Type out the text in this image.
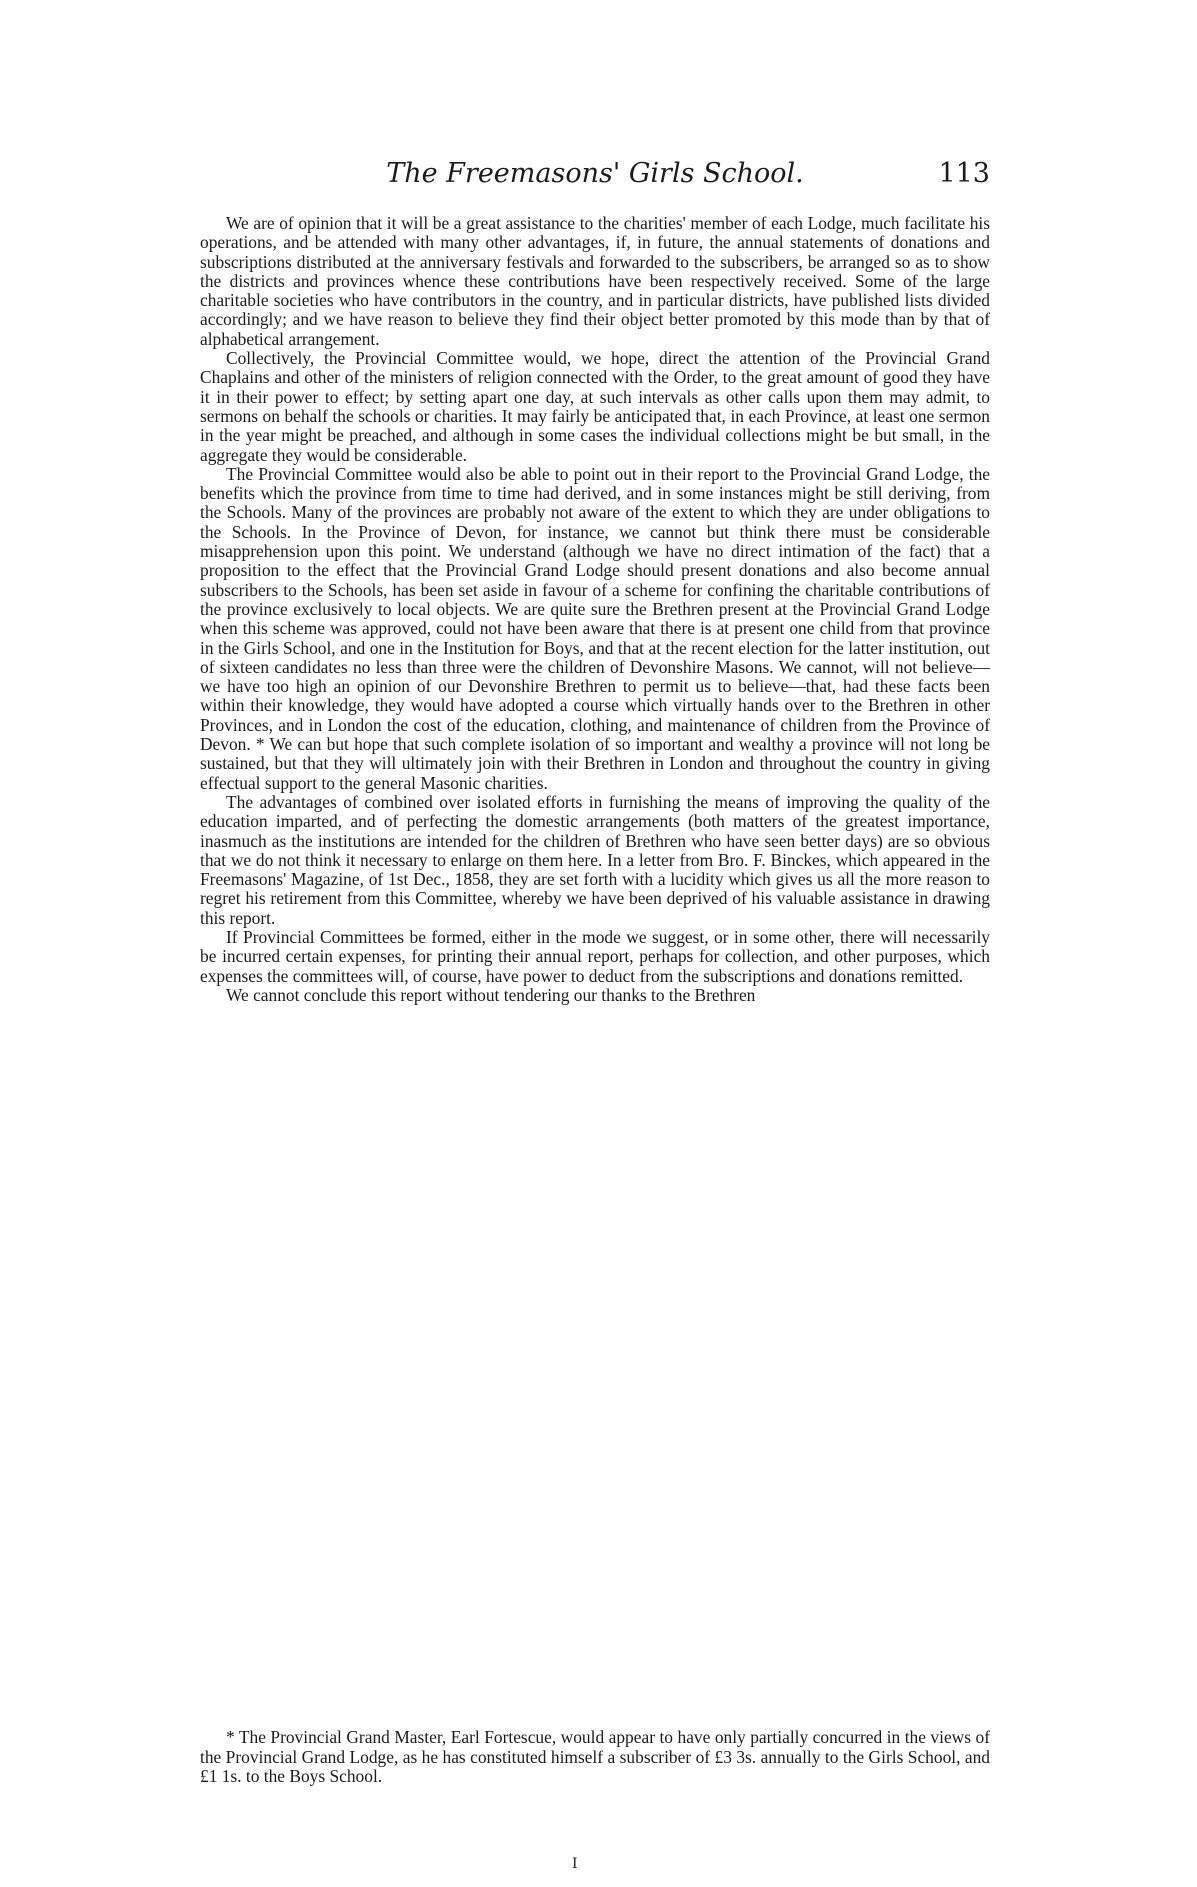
The Freemasons' Girls School.	113

We are of opinion that it will be a great assistance to the charities' member of each Lodge, much facilitate his operations, and be attended with many other advantages, if, in future, the annual statements of donations and subscriptions distributed at the anniversary festivals and forwarded to the subscribers, be arranged so as to show the districts and provinces whence these contributions have been respectively received. Some of the large charitable societies who have contributors in the country, and in particular districts, have published lists divided accordingly; and we have reason to believe they find their object better promoted by this mode than by that of alphabetical arrangement.

Collectively, the Provincial Committee would, we hope, direct the attention of the Provincial Grand Chaplains and other of the ministers of religion connected with the Order, to the great amount of good they have it in their power to effect; by setting apart one day, at such intervals as other calls upon them may admit, to sermons on behalf the schools or charities. It may fairly be anticipated that, in each Province, at least one sermon in the year might be preached, and although in some cases the individual collections might be but small, in the aggregate they would be considerable.

The Provincial Committee would also be able to point out in their report to the Provincial Grand Lodge, the benefits which the province from time to time had derived, and in some instances might be still deriving, from the Schools. Many of the provinces are probably not aware of the extent to which they are under obligations to the Schools. In the Province of Devon, for instance, we cannot but think there must be considerable misapprehension upon this point. We understand (although we have no direct intimation of the fact) that a proposition to the effect that the Provincial Grand Lodge should present donations and also become annual subscribers to the Schools, has been set aside in favour of a scheme for confining the charitable contributions of the province exclusively to local objects. We are quite sure the Brethren present at the Provincial Grand Lodge when this scheme was approved, could not have been aware that there is at present one child from that province in the Girls School, and one in the Institution for Boys, and that at the recent election for the latter institution, out of sixteen candidates no less than three were the children of Devonshire Masons. We cannot, will not believe—we have too high an opinion of our Devonshire Brethren to permit us to believe—that, had these facts been within their knowledge, they would have adopted a course which virtually hands over to the Brethren in other Provinces, and in London the cost of the education, clothing, and maintenance of children from the Province of Devon. * We can but hope that such complete isolation of so important and wealthy a province will not long be sustained, but that they will ultimately join with their Brethren in London and throughout the country in giving effectual support to the general Masonic charities.

The advantages of combined over isolated efforts in furnishing the means of improving the quality of the education imparted, and of perfecting the domestic arrangements (both matters of the greatest importance, inasmuch as the institutions are intended for the children of Brethren who have seen better days) are so obvious that we do not think it necessary to enlarge on them here. In a letter from Bro. F. Binckes, which appeared in the Freemasons' Magazine, of 1st Dec., 1858, they are set forth with a lucidity which gives us all the more reason to regret his retirement from this Committee, whereby we have been deprived of his valuable assistance in drawing this report.

If Provincial Committees be formed, either in the mode we suggest, or in some other, there will necessarily be incurred certain expenses, for printing their annual report, perhaps for collection, and other purposes, which expenses the committees will, of course, have power to deduct from the subscriptions and donations remitted.

We cannot conclude this report without tendering our thanks to the Brethren

* The Provincial Grand Master, Earl Fortescue, would appear to have only partially concurred in the views of the Provincial Grand Lodge, as he has constituted himself a subscriber of £3 3s. annually to the Girls School, and £1 1s. to the Boys School.

I
